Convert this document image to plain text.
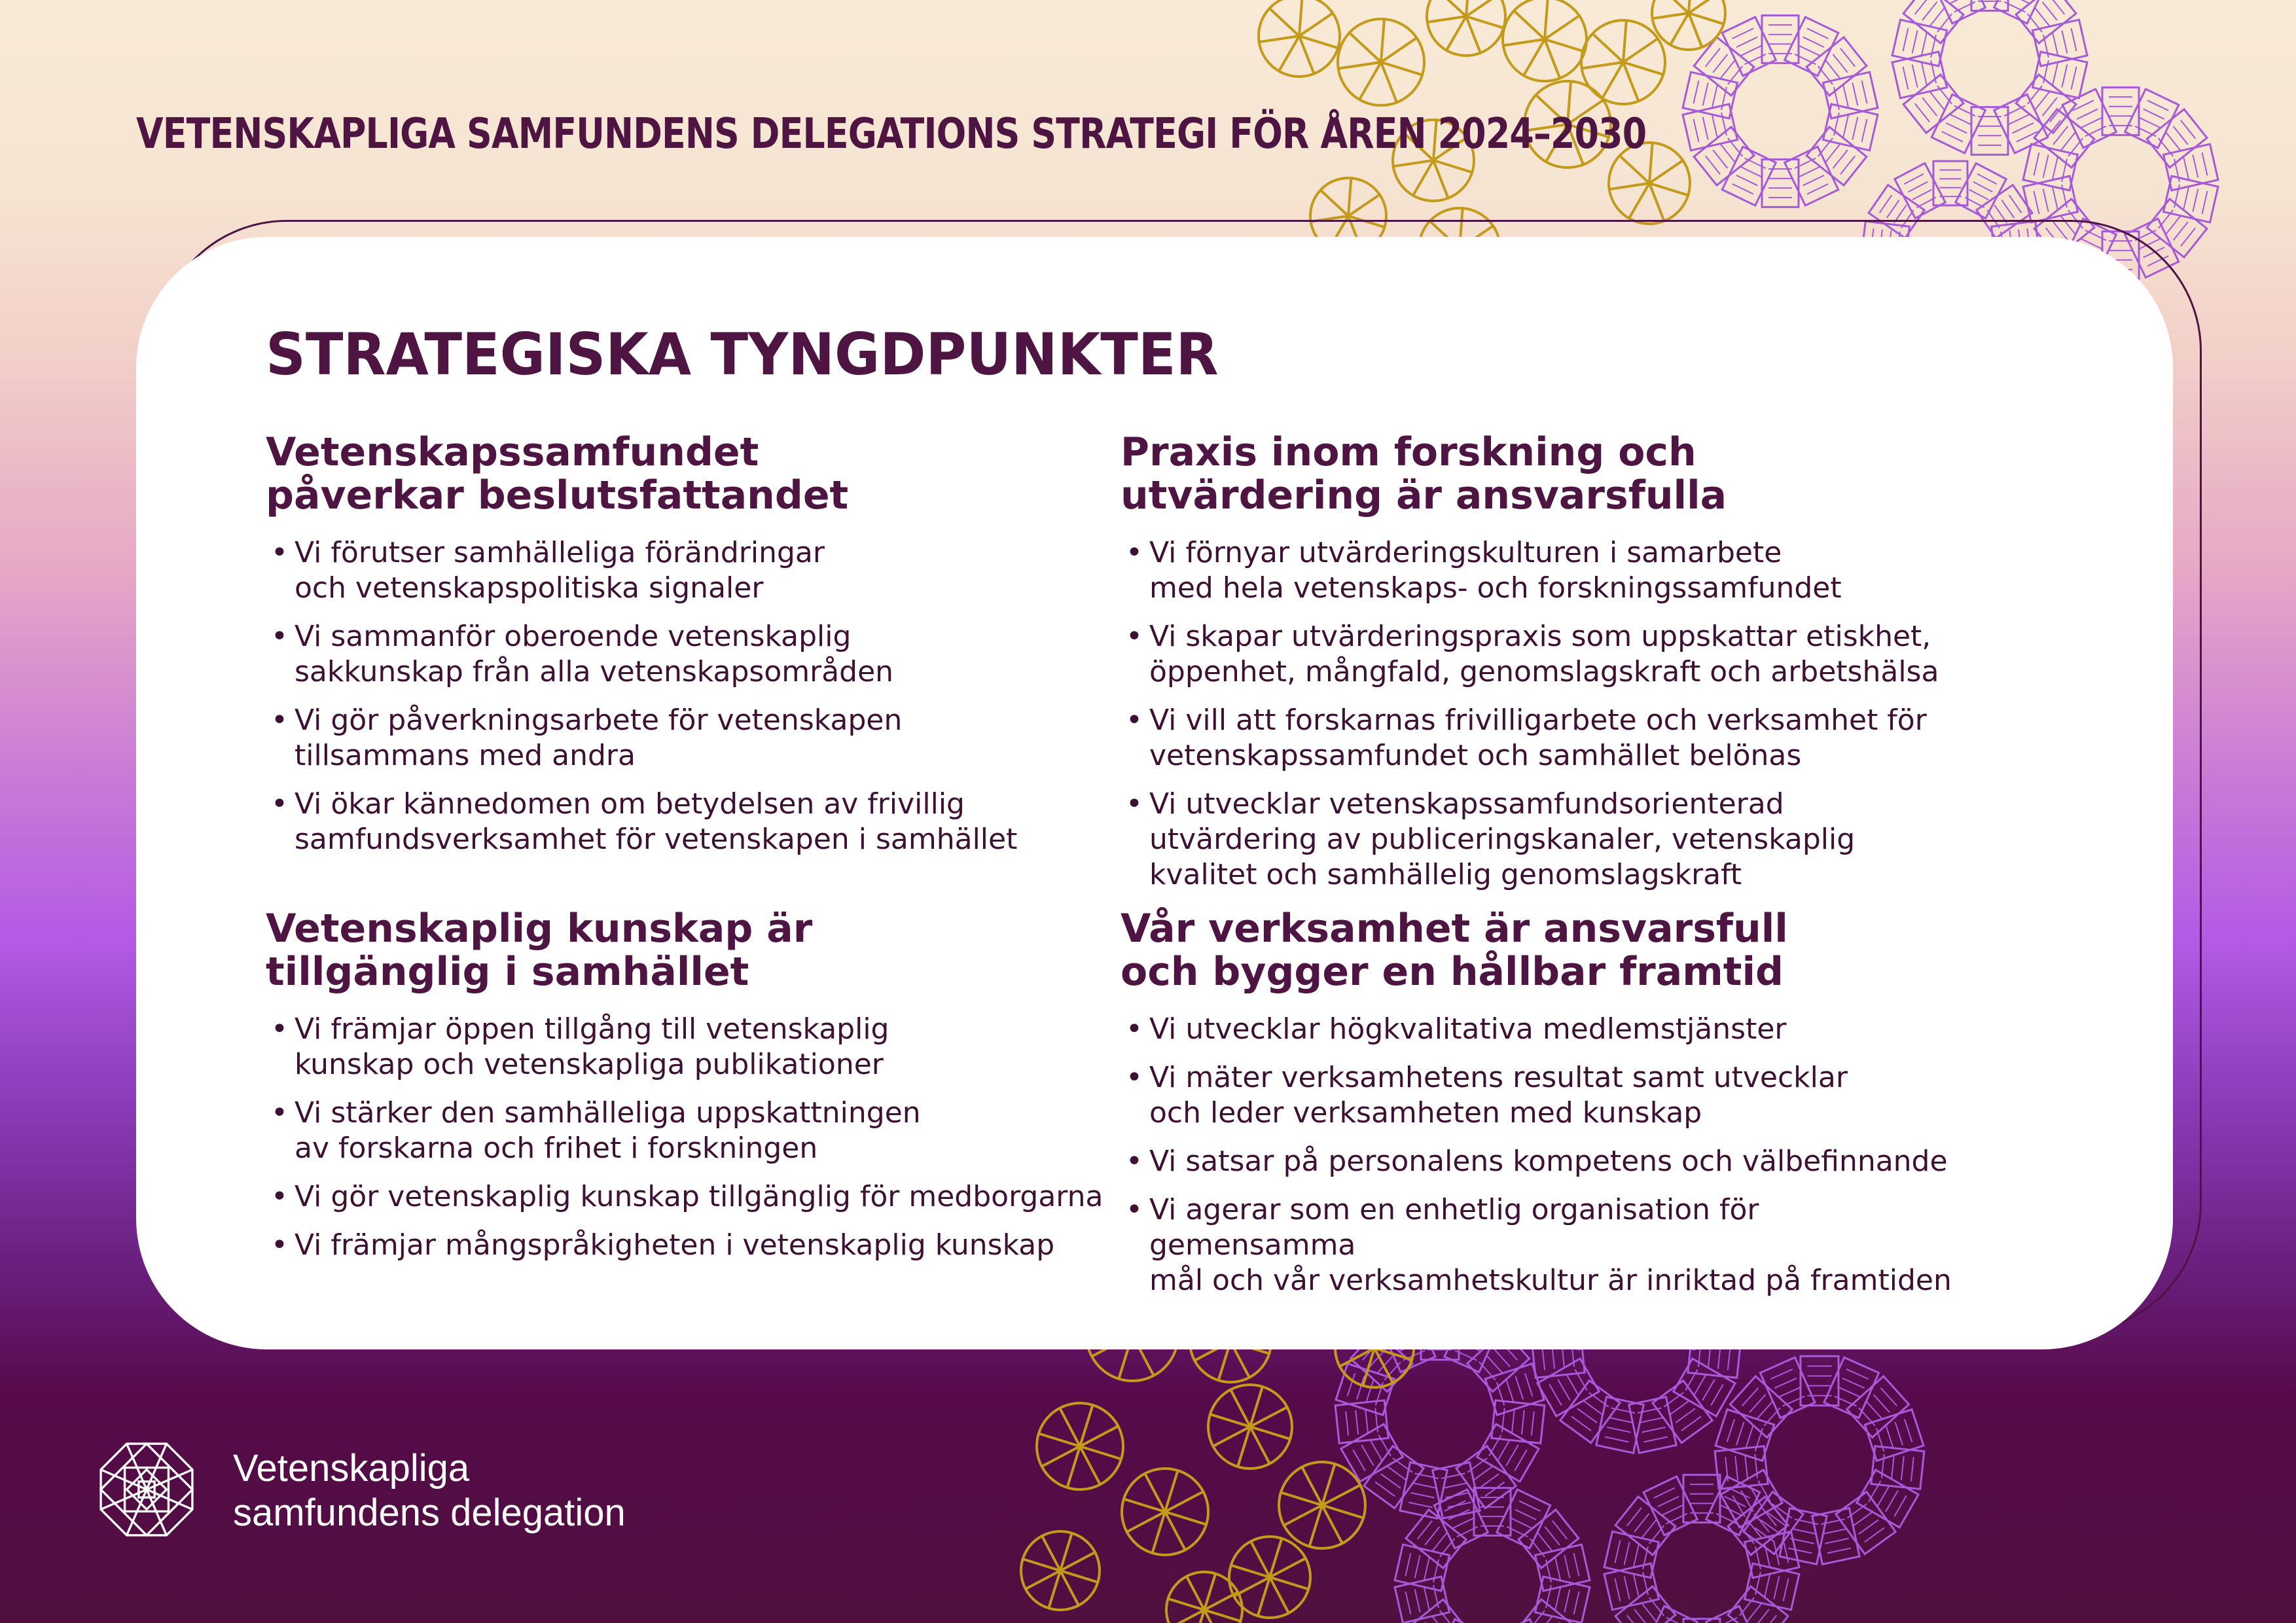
VETENSKAPLIGA SAMFUNDENS DELEGATIONS STRATEGI FÖR ÅREN 2024–2030
STRATEGISKA TYNGDPUNKTER
Vetenskapssamfundet
påverkar beslutsfattandet
• Vi förutser samhälleliga förändringar
och vetenskapspolitiska signaler
• Vi sammanför oberoende vetenskaplig
sakkunskap från alla vetenskapsområden
• Vi gör påverkningsarbete för vetenskapen
tillsammans med andra
• Vi ökar kännedomen om betydelsen av frivillig
samfundsverksamhet för vetenskapen i samhället
Praxis inom forskning och
utvärdering är ansvarsfulla
• Vi förnyar utvärderingskulturen i samarbete
med hela vetenskaps- och forskningssamfundet
• Vi skapar utvärderingspraxis som uppskattar etiskhet,
öppenhet, mångfald, genomslagskraft och arbetshälsa
• Vi vill att forskarnas frivilligarbete och verksamhet för
vetenskapssamfundet och samhället belönas
• Vi utvecklar vetenskapssamfundsorienterad
utvärdering av publiceringskanaler, vetenskaplig
kvalitet och samhällelig genomslagskraft
Vetenskaplig kunskap är
tillgänglig i samhället
• Vi främjar öppen tillgång till vetenskaplig
kunskap och vetenskapliga publikationer
• Vi stärker den samhälleliga uppskattningen
av forskarna och frihet i forskningen
• Vi gör vetenskaplig kunskap tillgänglig för medborgarna
• Vi främjar mångspråkigheten i vetenskaplig kunskap
Vår verksamhet är ansvarsfull
och bygger en hållbar framtid
• Vi utvecklar högkvalitativa medlemstjänster
• Vi mäter verksamhetens resultat samt utvecklar
och leder verksamheten med kunskap
• Vi satsar på personalens kompetens och välbefinnande
• Vi agerar som en enhetlig organisation för gemensamma
mål och vår verksamhetskultur är inriktad på framtiden
Vetenskapliga
samfundens delegation
